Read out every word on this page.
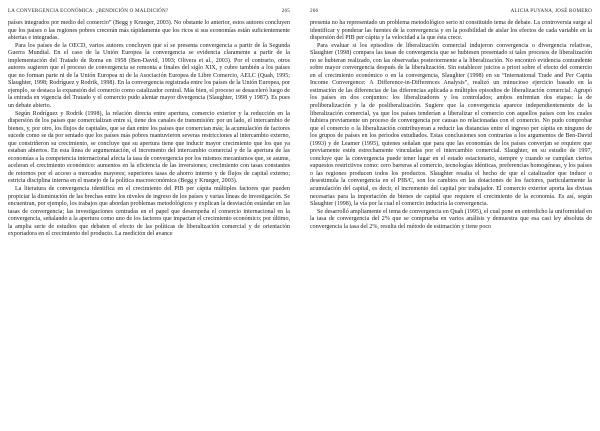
LA CONVERGENCIA ECONÓMICA: ¿BENDICIÓN O MALDICIÓN?	265

países integrados por medio del comercio” (Begg y Krueger, 2003). No obstante lo anterior, estos autores concluyen que los países o las regiones pobres crecerán más rápidamente que los ricos si sus economías están suficientemente abiertas e integradas.

Para los países de la OECD, varios autores concluyen que sí se presenta convergencia a partir de la Segunda Guerra Mundial. En el caso de la Unión Europea la convergencia se evidencia claramente a partir de la implementación del Tratado de Roma en 1958 (Ben-David, 1993; Olivera et al., 2003). Por el contrario, otros autores sugieren que el proceso de convergencia se remonta a finales del siglo XIX, y cubre también a los países que no forman parte ni de la Unión Europea ni de la Asociación Europea de Libre Comercio, AELC (Quah, 1995; Slaughter, 1998; Rodríguez y Rodrik, 1998). En la convergencia registrada entre los países de la Unión Europea, por ejemplo, se destaca la expansión del comercio como catalizador central. Más bien, el proceso se desaceleró luego de la entrada en vigencia del Tratado y el comercio pudo alentar mayor divergencia (Slaughter, 1998 y 1987). Es pues un debate abierto.

Según Rodríguez y Rodrik (1998), la relación directa entre apertura, comercio exterior y la reducción en la dispersión de los países que comercializan entre sí, tiene dos canales de transmisión: por un lado, el intercambio de bienes, y, por otro, los flujos de capitales, que se dan entre los países que comercian más; la acumulación de factores sucede como se da por sentado que los países más pobres mantuvieron severas restricciones al intercambio externo, que constriñeron su crecimiento, se concluye que su apertura tiene que inducir mayor crecimiento que los que ya estaban abiertos. En esta línea de argumentación, el incremento del intercambio comercial y de la apertura de las economías a la competencia internacional afecta la tasa de convergencia por los mismos mecanismos que, se asume, aceleran el crecimiento económico: aumentos en la eficiencia de las inversiones; crecimiento con tasas constantes de retornos por el acceso a mercados mayores; superiores tasas de ahorro interno y de flujos de capital externo; estricta disciplina interna en el manejo de la política macroeconómica (Begg y Krueger, 2003).

La literatura de convergencia identifica en el crecimiento del PIB per cápita múltiples factores que pueden propiciar la disminución de las brechas entre los niveles de ingreso de los países y varias líneas de investigación. Se encuentran, por ejemplo, los trabajos que abordan problemas metodológicos y explican la desviación estándar en las tasas de convergencia; las investigaciones centradas en el papel que desempeña el comercio internacional en la convergencia, señalando a la apertura como uno de los factores que impactan el crecimiento económico; por último, la amplia serie de estudios que debaten el efecto de las políticas de liberalización comercial y de orientación exportadora en el crecimiento del producto. La medición del avance

266	ALICIA PUYANA, JOSÉ ROMERO

presenta no ha representado un problema metodológico serio ni constituido tema de debate. La controversia surge al identificar y ponderar las fuentes de la convergencia y en la posibilidad de aislar los efectos de cada variable en la dispersión del PIB per cápita y la velocidad a la que ésta crece.

Para evaluar si los episodios de liberalización comercial indujeron convergencia o divergencia relativas, Slaughter (1998) compara las tasas de convergencia que se hubiesen presentado si tales procesos de liberalización no se hubieran realizado, con las observadas posteriormente a la liberalización. No encontró evidencia contundente sobre mayor convergencia después de la liberalización. Sin establecer juicios a priori sobre el efecto del comercio en el crecimiento económico o en la convergencia, Slaughter (1998) en su “International Trade and Per Capita Income Convergence: A Difference-in-Differences Analysis”, realizó un minucioso ejercicio basado en la estimación de las diferencias de las diferencias aplicada a múltiples episodios de liberalización comercial. Agrupó los países en dos conjuntos: los liberalizadores y los controlados; ambos enfrentan dos etapas: la de preliberalización y la de posliberalización. Sugiere que la convergencia aparece independientemente de la liberalización comercial, ya que los países tenderían a liberalizar el comercio con aquellos países con los cuales hubiera previamente un proceso de convergencia por causas no relacionadas con el comercio. No pudo comprobar que el comercio o la liberalización contribuyeran a reducir las distancias entre el ingreso per cápita en ninguno de los grupos de países en los periodos estudiados. Estas conclusiones son contrarias a los argumentos de Ben-David (1993) y de Leamer (1995), quienes señalan que para que las economías de los países converjan se requiere que previamente estén estrechamente vinculadas por el intercambio comercial. Slaughter, en su estudio de 1997, concluye que la convergencia puede tener lugar en el estado estacionario, siempre y cuando se cumplan ciertos supuestos restrictivos como: cero barreras al comercio, tecnologías idénticas, preferencias homogéneas, y los países o las regiones producen todos los productos. Slaughter resalta el hecho de que el catalizador que induce o desestimula la convergencia en el PIB/C, son los cambios en las dotaciones de los factores, particularmente la acumulación del capital, es decir, el incremento del capital por trabajador. El comercio exterior aporta las divisas necesarias para la importación de bienes de capital que requiere el crecimiento de la economía. Es así, según Slaughter (1998), la vía por la cual el comercio induciría la convergencia.

Se desarrolló ampliamente el tema de convergencia en Quah (1995), el cual pone en entredicho la uniformidad en la tasa de convergencia del 2% que se comprueba en varios análisis y demuestra que esa casi ley absoluta de convergencia la tasa del 2%, resulta del método de estimación y tiene poco
